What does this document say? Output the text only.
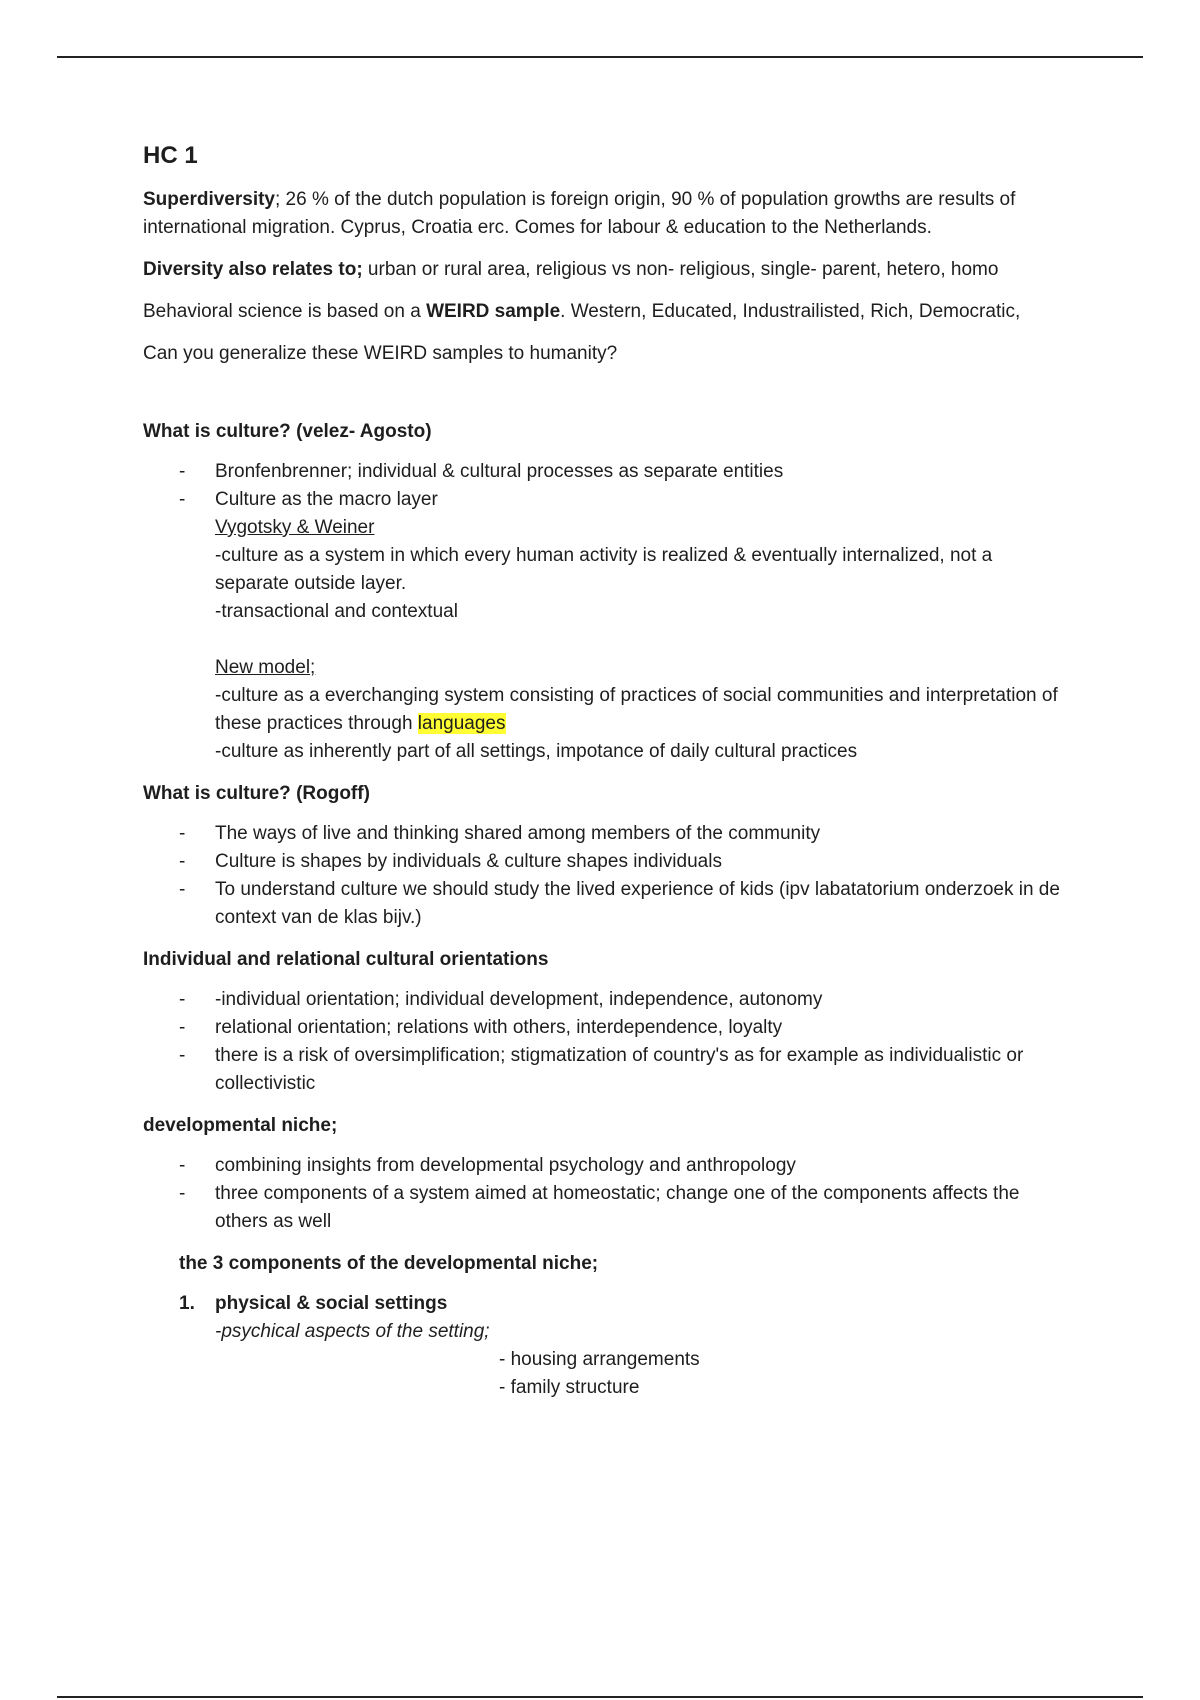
HC 1

Superdiversity; 26 % of the dutch population is foreign origin, 90 % of population growths are results of international migration. Cyprus, Croatia erc. Comes for labour & education to the Netherlands.

Diversity also relates to; urban or rural area, religious vs non- religious, single- parent, hetero, homo

Behavioral science is based on a WEIRD sample. Western, Educated, Industrailisted, Rich, Democratic,

Can you generalize these WEIRD samples to humanity?

What is culture? (velez- Agosto)
- Bronfenbrenner; individual & cultural processes as separate entities
- Culture as the macro layer
Vygotsky & Weiner
-culture as a system in which every human activity is realized & eventually internalized, not a separate outside layer.
-transactional and contextual
New model;
-culture as a everchanging system consisting of practices of social communities and interpretation of these practices through languages
-culture as inherently part of all settings, impotance of daily cultural practices
What is culture? (Rogoff)
- The ways of live and thinking shared among members of the community
- Culture is shapes by individuals & culture shapes individuals
- To understand culture we should study the lived experience of kids (ipv labatatorium onderzoek in de context van de klas bijv.)
Individual and relational cultural orientations
- -individual orientation; individual development, independence, autonomy
- relational orientation; relations with others, interdependence, loyalty
- there is a risk of oversimplification; stigmatization of country's as for example as individualistic or collectivistic
developmental niche;
- combining insights from developmental psychology and anthropology
- three components of a system aimed at homeostatic; change one of the components affects the others as well
the 3 components of the developmental niche;
1. physical & social settings
-psychical aspects of the setting;
- housing arrangements
- family structure
